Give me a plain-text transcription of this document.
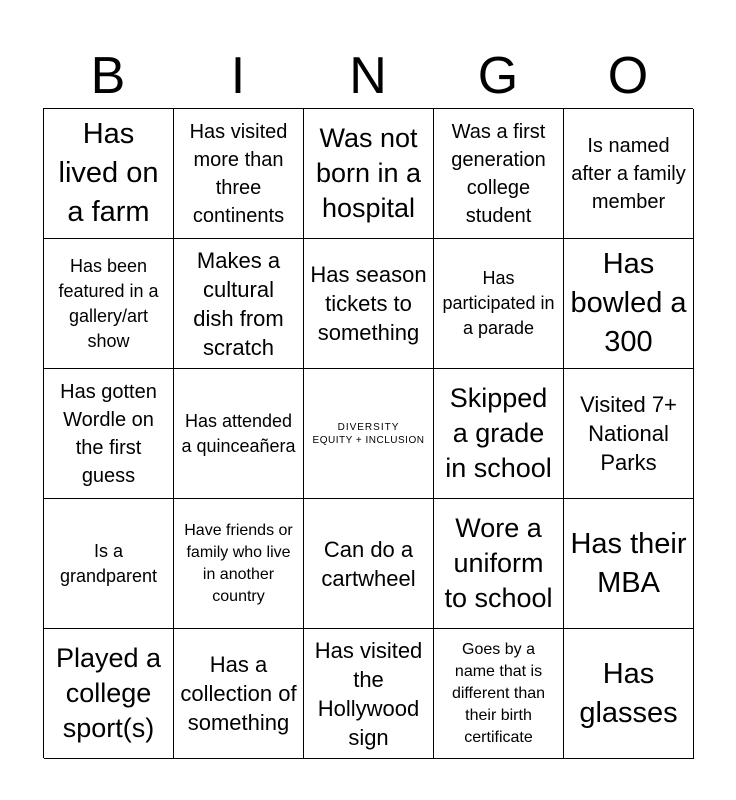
B	I	N	G	O
Has lived on a farm
Has visited more than three continents
Was not born in a hospital
Was a first generation college student
Is named after a family member
Has been featured in a gallery/art show
Makes a cultural dish from scratch
Has season tickets to something
Has participated in a parade
Has bowled a 300
Has gotten Wordle on the first guess
Has attended a quinceañera
DIVERSITY
EQUITY + INCLUSION
Skipped a grade in school
Visited 7+ National Parks
Is a grandparent
Have friends or family who live in another country
Can do a cartwheel
Wore a uniform to school
Has their MBA
Played a college sport(s)
Has a collection of something
Has visited the Hollywood sign
Goes by a name that is different than their birth certificate
Has glasses
